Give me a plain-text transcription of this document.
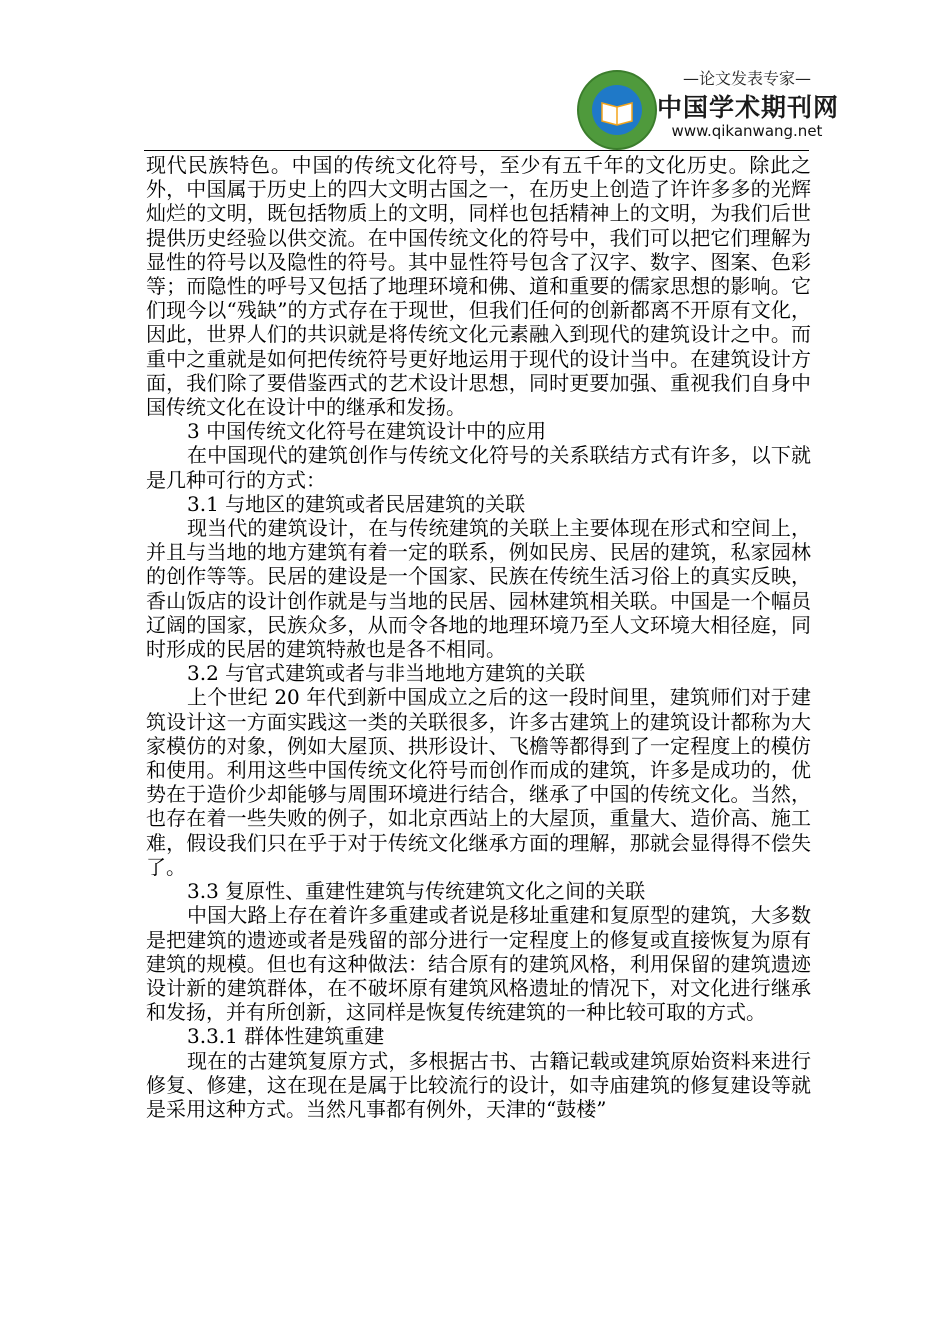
—论文发表专家—
中国学术期刊网
www.qikanwang.net

现代民族特色。中国的传统文化符号，至少有五千年的文化历史。除此之外，中国属于历史上的四大文明古国之一，在历史上创造了许许多多的光辉灿烂的文明，既包括物质上的文明，同样也包括精神上的文明，为我们后世提供历史经验以供交流。在中国传统文化的符号中，我们可以把它们理解为显性的符号以及隐性的符号。其中显性符号包含了汉字、数字、图案、色彩等；而隐性的呼号又包括了地理环境和佛、道和重要的儒家思想的影响。它们现今以“残缺”的方式存在于现世，但我们任何的创新都离不开原有文化，因此，世界人们的共识就是将传统文化元素融入到现代的建筑设计之中。而重中之重就是如何把传统符号更好地运用于现代的设计当中。在建筑设计方面，我们除了要借鉴西式的艺术设计思想，同时更要加强、重视我们自身中国传统文化在设计中的继承和发扬。

3 中国传统文化符号在建筑设计中的应用

在中国现代的建筑创作与传统文化符号的关系联结方式有许多，以下就是几种可行的方式：

3.1 与地区的建筑或者民居建筑的关联

现当代的建筑设计，在与传统建筑的关联上主要体现在形式和空间上，并且与当地的地方建筑有着一定的联系，例如民房、民居的建筑，私家园林的创作等等。民居的建设是一个国家、民族在传统生活习俗上的真实反映，香山饭店的设计创作就是与当地的民居、园林建筑相关联。中国是一个幅员辽阔的国家，民族众多，从而令各地的地理环境乃至人文环境大相径庭，同时形成的民居的建筑特赦也是各不相同。

3.2 与官式建筑或者与非当地地方建筑的关联

上个世纪 20 年代到新中国成立之后的这一段时间里，建筑师们对于建筑设计这一方面实践这一类的关联很多，许多古建筑上的建筑设计都称为大家模仿的对象，例如大屋顶、拱形设计、飞檐等都得到了一定程度上的模仿和使用。利用这些中国传统文化符号而创作而成的建筑，许多是成功的，优势在于造价少却能够与周围环境进行结合，继承了中国的传统文化。当然，也存在着一些失败的例子，如北京西站上的大屋顶，重量大、造价高、施工难，假设我们只在乎于对于传统文化继承方面的理解，那就会显得得不偿失了。

3.3 复原性、重建性建筑与传统建筑文化之间的关联

中国大路上存在着许多重建或者说是移址重建和复原型的建筑，大多数是把建筑的遗迹或者是残留的部分进行一定程度上的修复或直接恢复为原有建筑的规模。但也有这种做法：结合原有的建筑风格，利用保留的建筑遗迹设计新的建筑群体，在不破坏原有建筑风格遗址的情况下，对文化进行继承和发扬，并有所创新，这同样是恢复传统建筑的一种比较可取的方式。

3.3.1 群体性建筑重建

现在的古建筑复原方式，多根据古书、古籍记载或建筑原始资料来进行修复、修建，这在现在是属于比较流行的设计，如寺庙建筑的修复建设等就是采用这种方式。当然凡事都有例外，天津的“鼓楼”
